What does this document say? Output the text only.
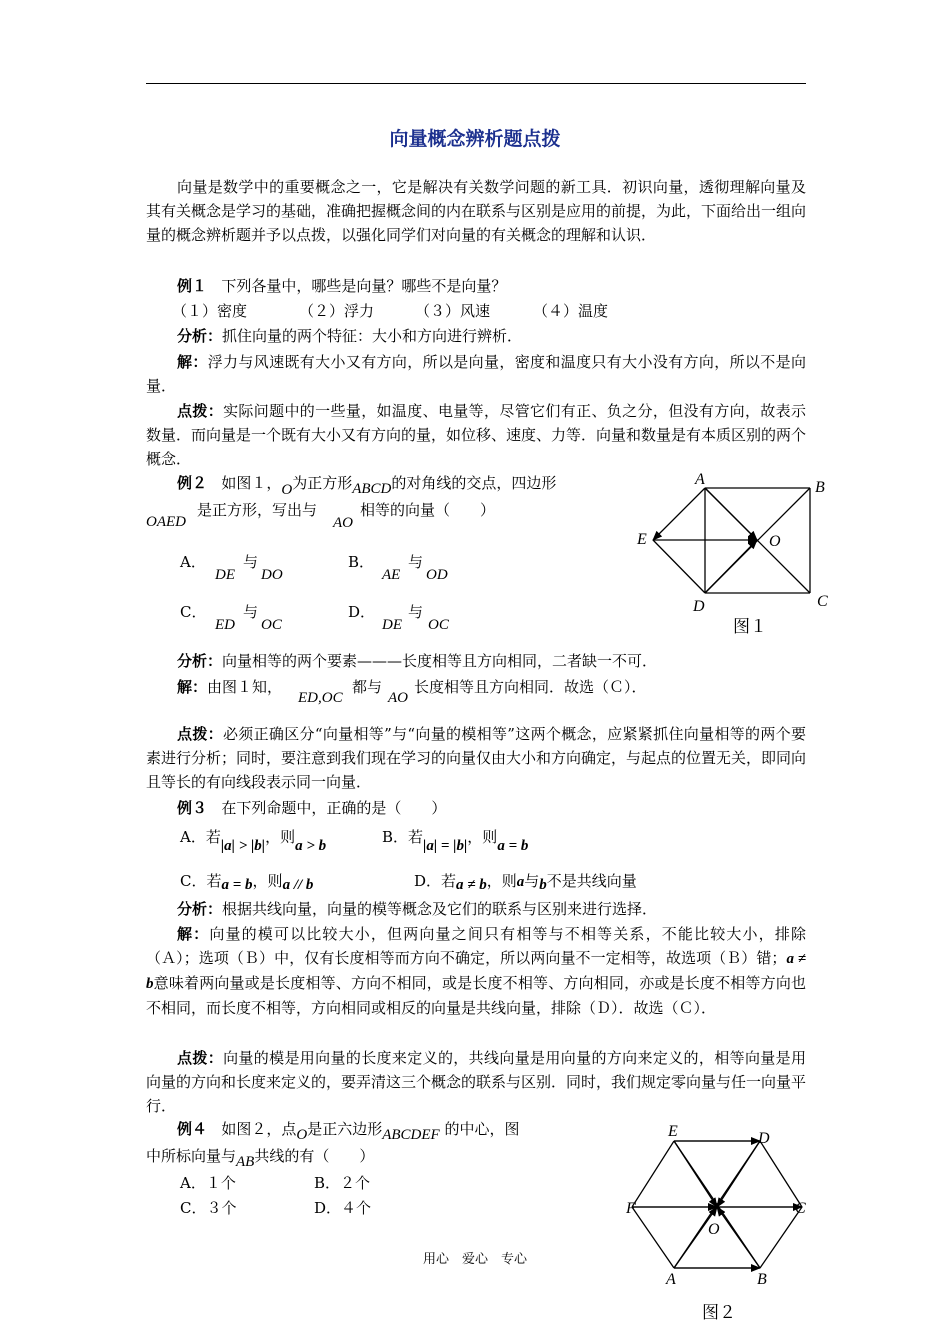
向量概念辨析题点拨
向量是数学中的重要概念之一，它是解决有关数学问题的新工具．初识向量，透彻理解向量及其有关概念是学习的基础，准确把握概念间的内在联系与区别是应用的前提，为此，下面给出一组向量的概念辨析题并予以点拨，以强化同学们对向量的有关概念的理解和认识．
例１ 下列各量中，哪些是向量？哪些不是向量？
（１）密度	（２）浮力	（３）风速	（４）温度
分析：抓住向量的两个特征：大小和方向进行辨析．
解：浮力与风速既有大小又有方向，所以是向量，密度和温度只有大小没有方向，所以不是向量．
点拨：实际问题中的一些量，如温度、电量等，尽管它们有正、负之分，但没有方向，故表示数量．而向量是一个既有大小又有方向的量，如位移、速度、力等．向量和数量是有本质区别的两个概念．
例２ 如图１，O为正方形ABCD的对角线的交点，四边形
OAED
是正方形，写出与
AO
相等的向量（　　）
A． 与
DE DO
B． 与
AE OD
C． 与
ED OC
D． 与
DE OC
A	B
C
D
E	O
图１
分析：向量相等的两个要素———长度相等且方向相同，二者缺一不可．
解：由图１知，
ED,OC
都与
AO
长度相等且方向相同．故选（Ｃ）．
点拨：必须正确区分“向量相等”与“向量的模相等”这两个概念，应紧紧抓住向量相等的两个要素进行分析；同时，要注意到我们现在学习的向量仅由大小和方向确定，与起点的位置无关，即同向且等长的有向线段表示同一向量．
例３ 在下列命题中，正确的是（　　）
A．若|a| > |b|，则a > b	B．若|a| = |b|，则a = b
C．若a = b，则a // b	D．若a ≠ b，则a与b不是共线向量
分析：根据共线向量，向量的模等概念及它们的联系与区别来进行选择．
解：向量的模可以比较大小，但两向量之间只有相等与不相等关系，不能比较大小，排除（Ａ）；选项（Ｂ）中，仅有长度相等而方向不确定，所以两向量不一定相等，故选项（Ｂ）错；a ≠ b意味着两向量或是长度相等、方向不相同，或是长度不相等、方向相同，亦或是长度不相等方向也不相同，而长度不相等，方向相同或相反的向量是共线向量，排除（Ｄ）．故选（Ｃ）．
点拨：向量的模是用向量的长度来定义的，共线向量是用向量的方向来定义的，相等向量是用向量的方向和长度来定义的，要弄清这三个概念的联系与区别．同时，我们规定零向量与任一向量平行．
例４ 如图２，点O是正六边形ABCDEF 的中心，图
中所标向量与AB共线的有（　　）
A．１个	B．２个
C．３个	D．４个
E	D
F	C
O
A	B
图２
用心　爱心　专心
